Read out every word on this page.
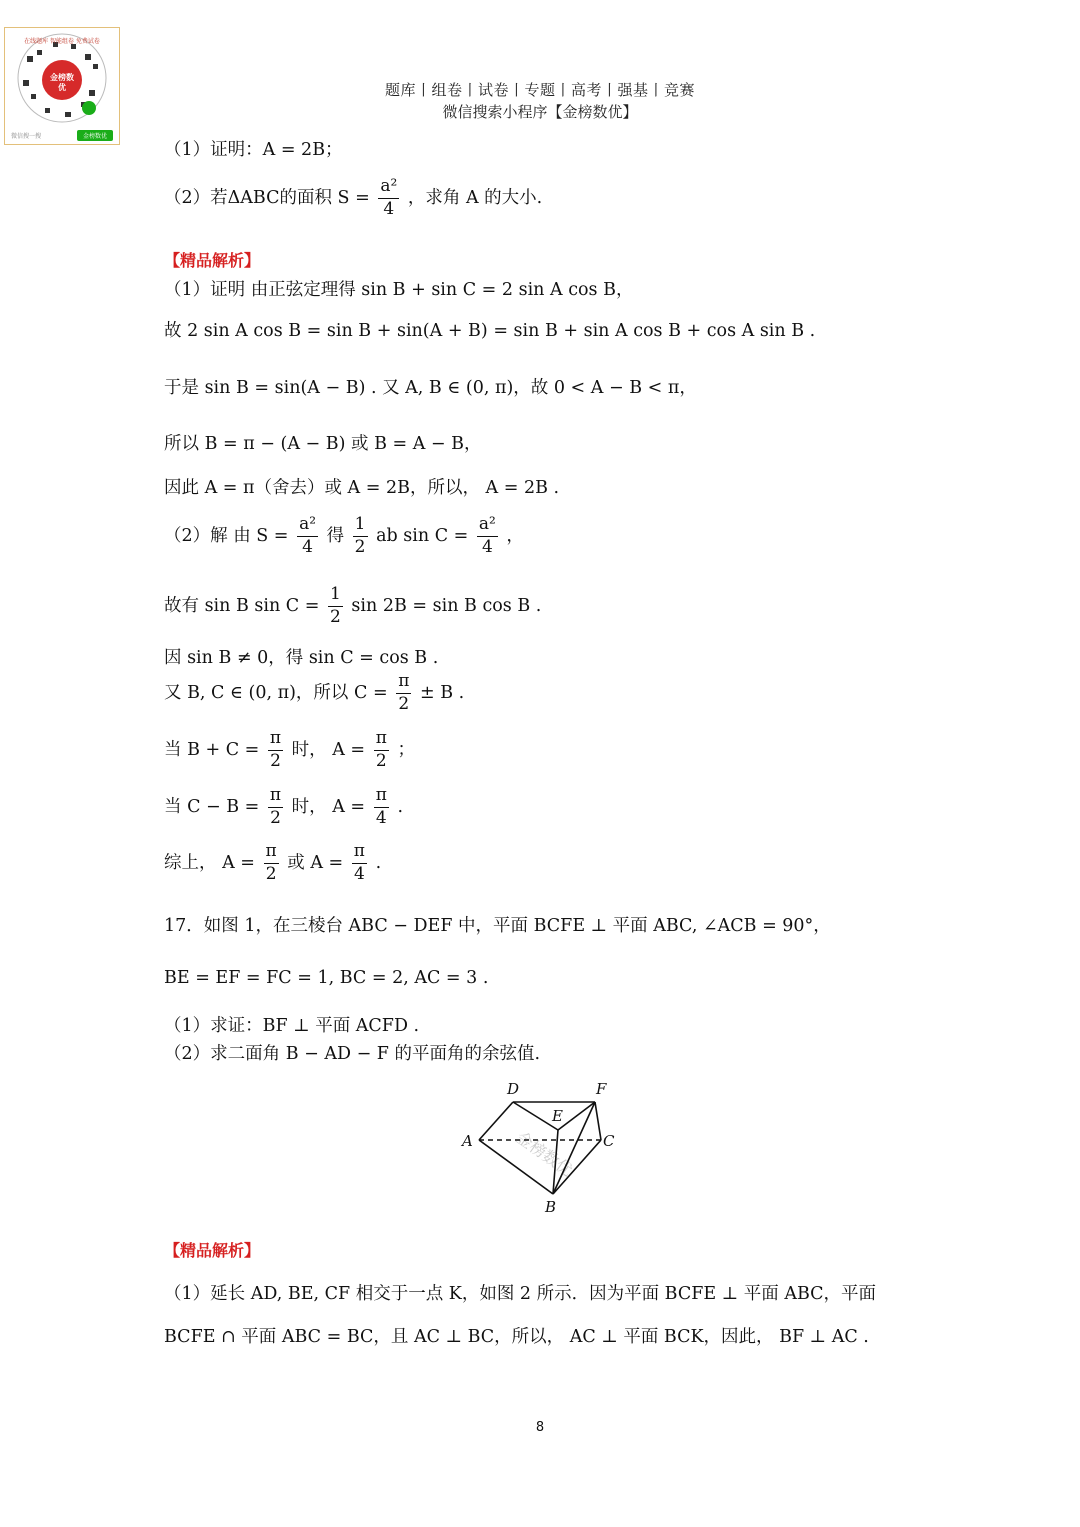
在线题库 智能组卷 免费试卷
金榜数优
微信搜一搜	金榜数优
题库丨组卷丨试卷丨专题丨高考丨强基丨竞赛
微信搜索小程序【金榜数优】
（1）证明：A = 2B；
（2）若ΔABC的面积 $S = \frac{\text{a²}}{4}$ ，求角 A 的大小.
【精品解析】
（1）证明 由正弦定理得 sin B + sin C = 2 sin A cos B，
故 2 sin A cos B = sin B + sin(A + B) = sin B + sin A cos B + cos A sin B .
于是 sin B = sin(A − B) . 又 A, B ∈ (0, π)，故 0 < A − B < π，
所以 B = π − (A − B) 或 B = A − B，
因此 A = π（舍去）或 A = 2B，所以， A = 2B .
（2）解 由 $S = \frac{\text{a²}}{4}$ 得 $\frac{1}{2}$ ab $\sin C = \frac{\text{a²}}{4}$ ，
故有 sin B $\sin C = \frac{1}{2}$ sin 2B = sin B cos B .
因 sin B ≠ 0，得 sin C = cos B .
又 B, C ∈ (0, π)，所以 $C = \frac{\pi}{2} \pm B$ .
当 $B + C = \frac{\pi}{2}$ 时， $A = \frac{\pi}{2}$ ；
当 $C - B = \frac{\pi}{2}$ 时， $A = \frac{\pi}{4}$ .
综上， $A = \frac{\pi}{2}$ 或 $A = \frac{\pi}{4}$ .
17．如图 1，在三棱台 ABC − DEF 中，平面 BCFE ⊥ 平面 ABC, ∠ACB = 90°，
BE = EF = FC = 1, BC = 2, AC = 3 .
（1）求证：BF ⊥ 平面 ACFD .
（2）求二面角 B − AD − F 的平面角的余弦值.
金榜数优
D	F
E
A	C
B
【精品解析】
（1）延长 AD, BE, CF 相交于一点 K，如图 2 所示．因为平面 BCFE ⊥ 平面 ABC，平面
BCFE ∩ 平面 ABC = BC，且 AC ⊥ BC，所以， AC ⊥ 平面 BCK，因此， BF ⊥ AC .
8
